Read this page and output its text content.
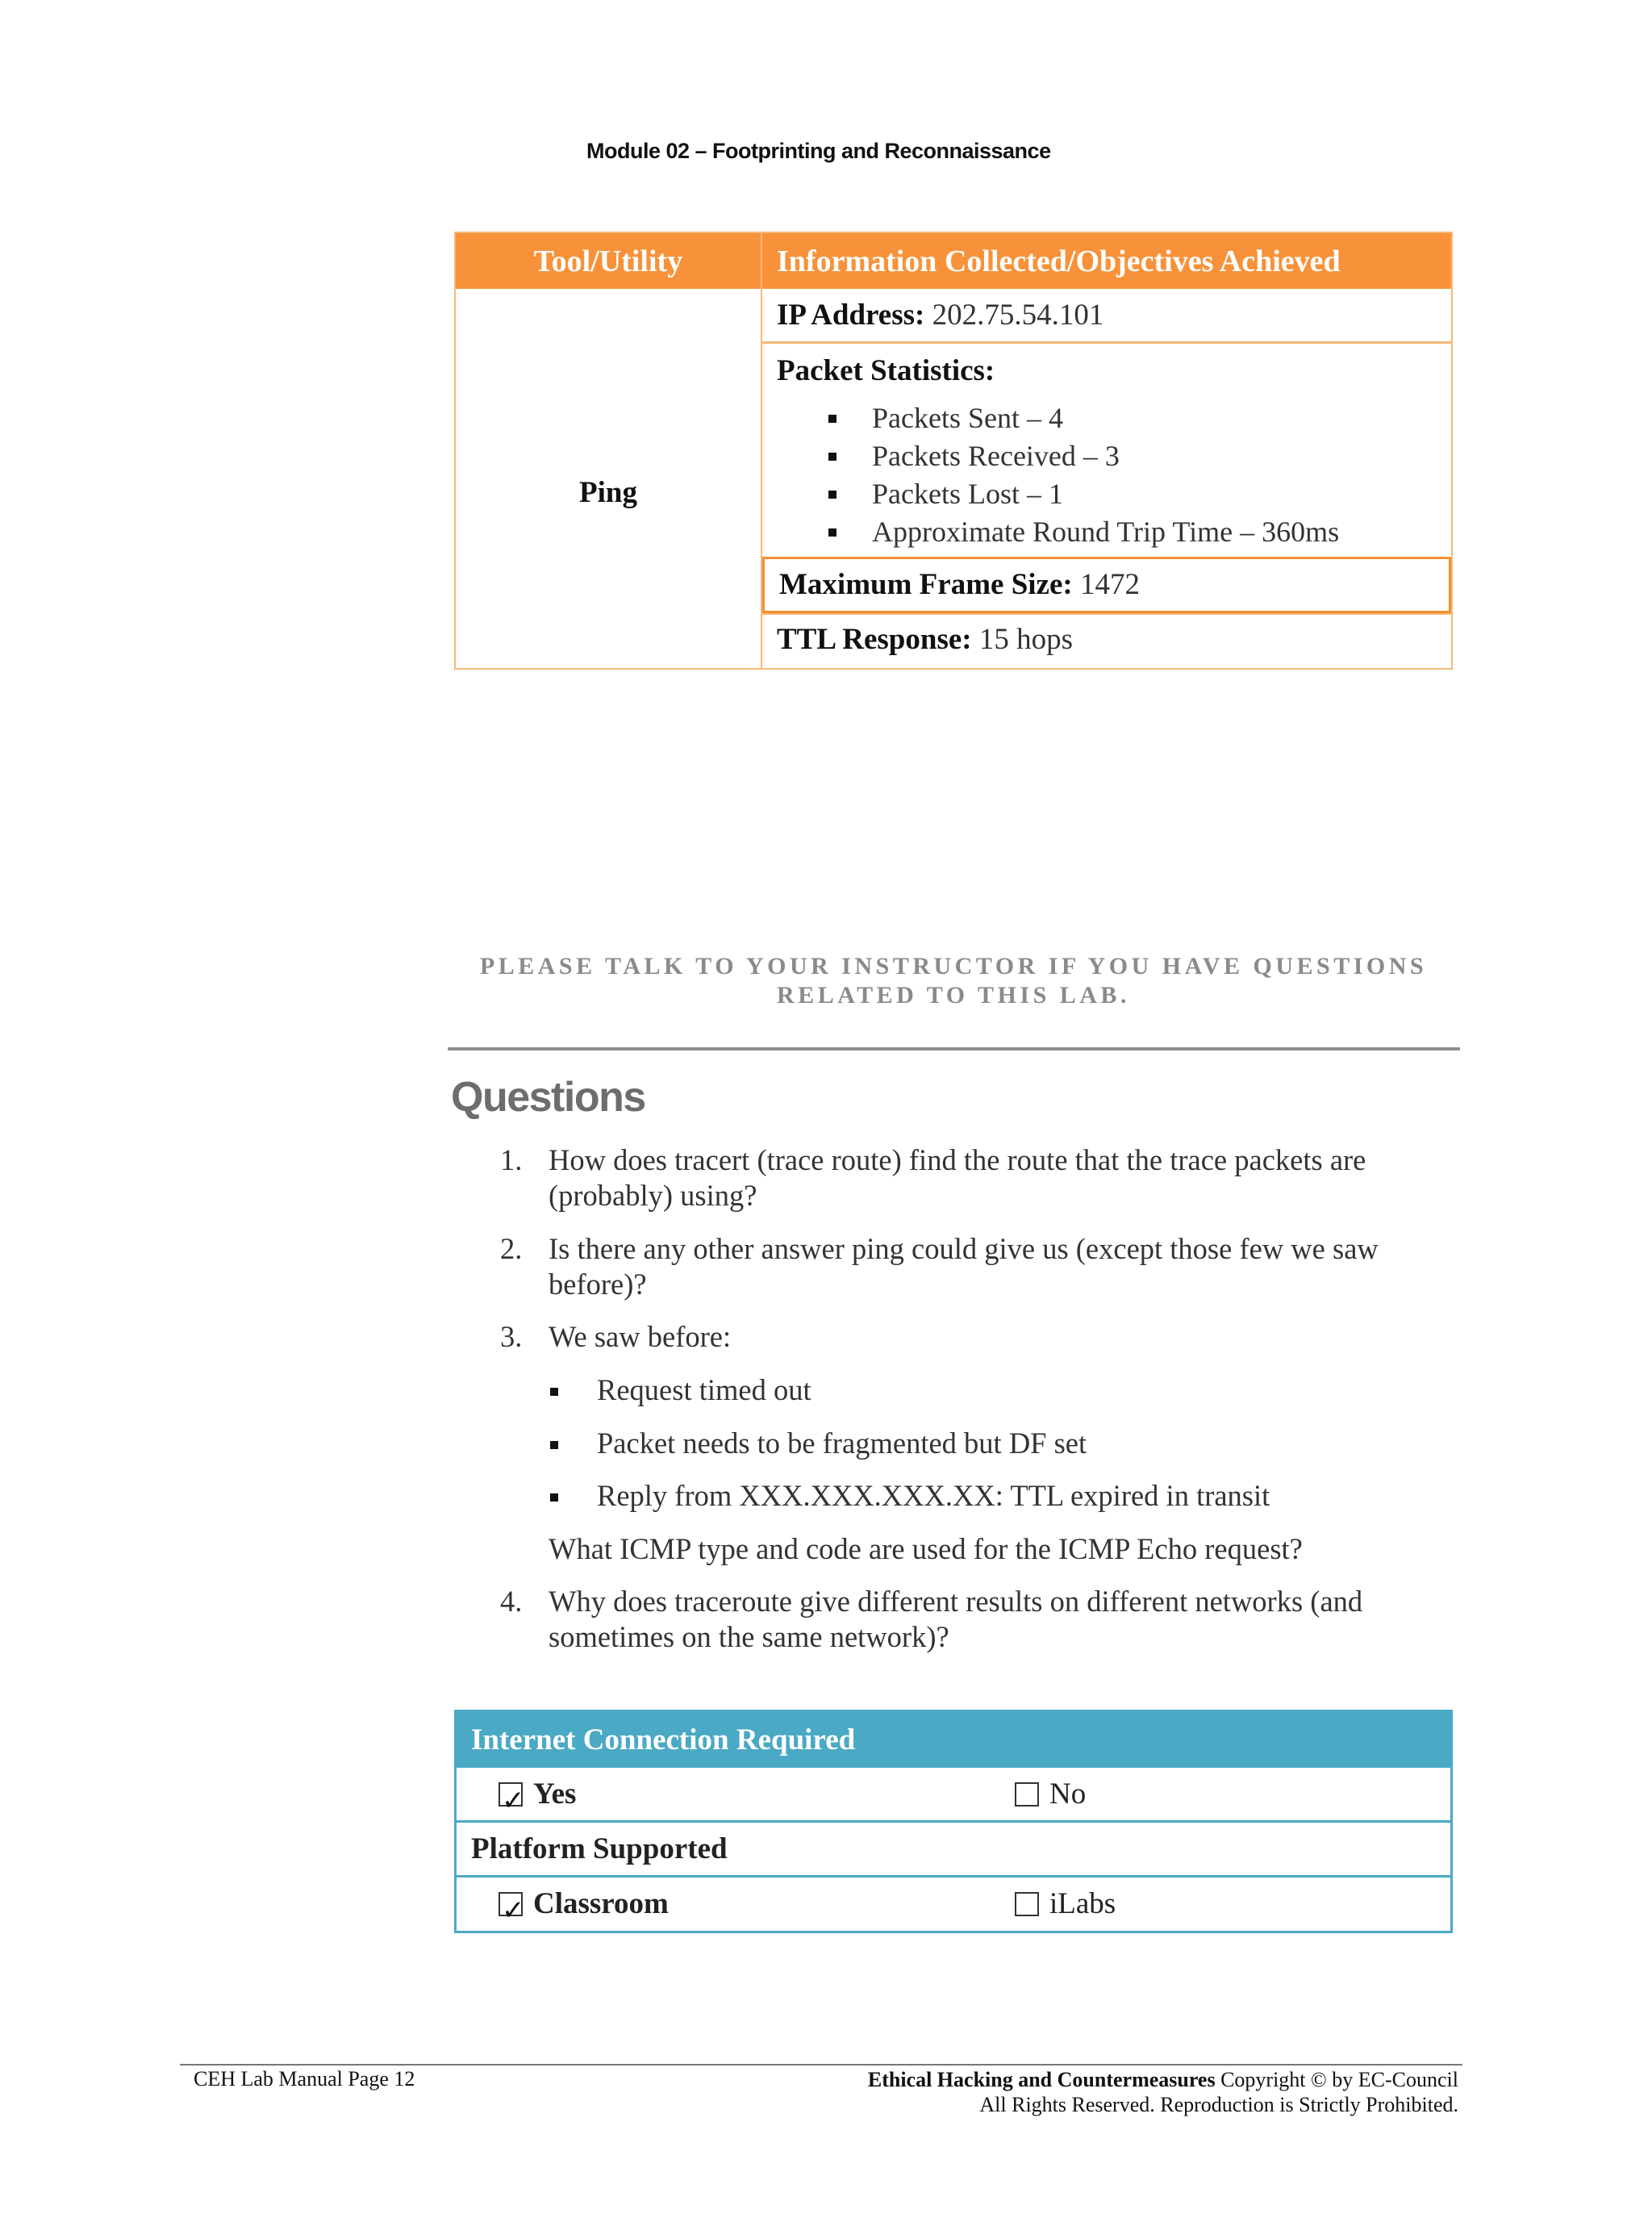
Module 02 – Footprinting and Reconnaissance
Tool/Utility	Information Collected/Objectives Achieved
Ping
IP Address: 202.75.54.101
Packet Statistics:
Packets Sent – 4
Packets Received – 3
Packets Lost – 1
Approximate Round Trip Time – 360ms
Maximum Frame Size: 1472
TTL Response: 15 hops
PLEASE TALK TO YOUR INSTRUCTOR IF YOU HAVE QUESTIONS
RELATED TO THIS LAB.
Questions
1. How does tracert (trace route) find the route that the trace packets are
(probably) using?
2. Is there any other answer ping could give us (except those few we saw
before)?
3. We saw before:
Request timed out
Packet needs to be fragmented but DF set
Reply from XXX.XXX.XXX.XX: TTL expired in transit
What ICMP type and code are used for the ICMP Echo request?
4. Why does traceroute give different results on different networks (and
sometimes on the same network)?
Internet Connection Required
✓
Yes	No
Platform Supported
✓
Classroom	iLabs
CEH Lab Manual Page 12	Ethical Hacking and Countermeasures Copyright © by EC-Council
All Rights Reserved. Reproduction is Strictly Prohibited.
